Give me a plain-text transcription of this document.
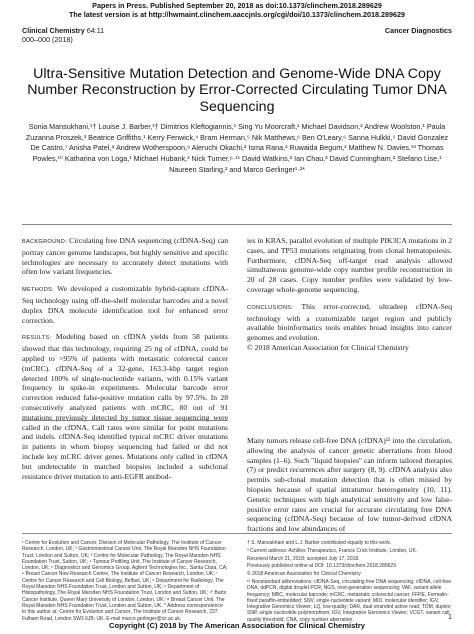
Papers in Press. Published September 20, 2018 as doi:10.1373/clinchem.2018.289629
The latest version is at http://hwmaint.clinchem.aaccjnls.org/cgi/doi/10.1373/clinchem.2018.289629
Clinical Chemistry 64:11
000–000 (2018)
Cancer Diagnostics
Ultra-Sensitive Mutation Detection and Genome-Wide DNA Copy Number Reconstruction by Error-Corrected Circulating Tumor DNA Sequencing
Sonia Mansukhani,¹† Louise J. Barber,¹† Dimitrios Kleftogiannis,¹ Sing Yu Moorcraft,² Michael Davidson,² Andrew Woolston,¹ Paula Zuzanna Proszek,³ Beatrice Griffiths,¹ Kerry Fenwick,⁴ Bram Herman,⁵ Nik Matthews,⁶ Ben O'Leary,⁶ Sanna Hulkki,⁵ David Gonzalez De Castro,⁷ Anisha Patel,⁸ Andrew Wotherspoon,⁹ Aleruchi Okachi,² Isma Rana,² Ruwaida Begum,² Matthew N. Davies,¹³ Thomas Powles,¹⁰ Katharina von Loga,¹ Michael Hubank,³ Nick Turner,⁶·¹¹ David Watkins,² Ian Chau,² David Cunningham,² Stefano Lise,¹ Naureen Starling,² and Marco Gerlinger¹·²*

BACKGROUND: Circulating free DNA sequencing (cfDNA-Seq) can portray cancer genome landscapes, but highly sensitive and specific technologies are necessary to accurately detect mutations with often low variant frequencies.

METHODS: We developed a customizable hybrid-capture cfDNA-Seq technology using off-the-shelf molecular barcodes and a novel duplex DNA molecule identification tool for enhanced error correction.

RESULTS: Modeling based on cfDNA yields from 58 patients showed that this technology, requiring 25 ng of cfDNA, could be applied to >95% of patients with metastatic colorectal cancer (mCRC). cfDNA-Seq of a 32-gene, 163.3-kbp target region detected 100% of single-nucleotide variants, with 0.15% variant frequency in spike-in experiments. Molecular barcode error correction reduced false-positive mutation calls by 97.5%. In 28 consecutively analyzed patients with mCRC, 80 out of 91 mutations previously detected by tumor tissue sequencing were called in the cfDNA. Call rates were similar for point mutations and indels. cfDNA-Seq identified typical mCRC driver mutations in patients in whom biopsy sequencing had failed or did not include key mCRC driver genes. Mutations only called in cfDNA but undetectable in matched biopsies included a subclonal resistance driver mutation to anti-EGFR antibod-

ies in KRAS, parallel evolution of multiple PIK3CA mutations in 2 cases, and TP53 mutations originating from clonal hematopoiesis. Furthermore, cfDNA-Seq off-target read analysis allowed simultaneous genome-wide copy number profile reconstruction in 20 of 28 cases. Copy number profiles were validated by low-coverage whole-genome sequencing.

CONCLUSIONS: This error-corrected, ultradeep cfDNA-Seq technology with a customizable target region and publicly available bioinformatics tools enables broad insights into cancer genomes and evolution.
© 2018 American Association for Clinical Chemistry

Many tumors release cell-free DNA (cfDNA)¹² into the circulation, allowing the analysis of cancer genetic aberrations from blood samples (1–6). Such "liquid biopsies" can inform tailored therapies (7) or predict recurrences after surgery (8, 9). cfDNA analysis also permits sub-clonal mutation detection that is often missed by biopsies because of spatial intratumor heterogeneity (10, 11). Genetic techniques with high analytical sensitivity and low false-positive error rates are crucial for accurate circulating free DNA sequencing (cfDNA-Seq) because of low tumor-derived cfDNA fractions and low abundances of
¹ Centre for Evolution and Cancer, Division of Molecular Pathology, The Institute of Cancer Research, London, UK; ² Gastrointestinal Cancer Unit, The Royal Marsden NHS Foundation Trust, London and Sutton, UK; ³ Centre for Molecular Pathology, The Royal Marsden NHS Foundation Trust, Sutton, UK; ⁴ Tumour Profiling Unit, The Institute of Cancer Research, London, UK; ⁵ Diagnostics and Genomics Group, Agilent Technologies Inc., Santa Clara, CA; ⁶ Breast Cancer Now Research Centre, The Institute of Cancer Research, London, UK; ⁷ Centre for Cancer Research and Cell Biology, Belfast, UK; ⁸ Department for Radiology, The Royal Marsden NHS Foundation Trust, London and Sutton, UK; ⁹ Department of Histopathology, The Royal Marsden NHS Foundation Trust, London and Sutton, UK; ¹⁰ Barts Cancer Institute, Queen Mary University of London, London, UK; ¹¹ Breast Cancer Unit, The Royal Marsden NHS Foundation Trust, London and Sutton, UK. * Address correspondence to this author at: Centre for Evolution and Cancer, The Institute of Cancer Research, 237 Fulham Road, London SW3 6JB, UK. E-mail marco.gerlinger@icr.ac.uk.
† S. Mansukhani and L.J. Barber contributed equally to this work.
³ Current address: Achilles Therapeutics, Francis Crick Institute, London, UK.
Received March 21, 2018; accepted July 17, 2018.
Previously published online at DOI: 10.1373/clinchem.2018.289629
© 2018 American Association for Clinical Chemistry
¹² Nonstandard abbreviations: cfDNA-Seq, circulating free DNA sequencing; cfDNA, cell-free DNA; ddPCR, digital droplet PCR; NGS, next-generation sequencing; VAF, variant allele frequency; MBC, molecular barcode; mCRC, metastatic colorectal cancer; FFPE, Formalin-fixed paraffin-embedded; SNV, single-nucleotide variant; MID, molecular identifier; IGV, Integrative Genomics Viewer; LQ, low-quality; DAR, dual-stranded active read; TDM, duplex; SNP, single nucleotide polymorphism; IGV, Integrative Genomics Viewer; VCGT, variant call quality threshold; CNA, copy number aberration.	1
Copyright (C) 2018 by The American Association for Clinical Chemistry
